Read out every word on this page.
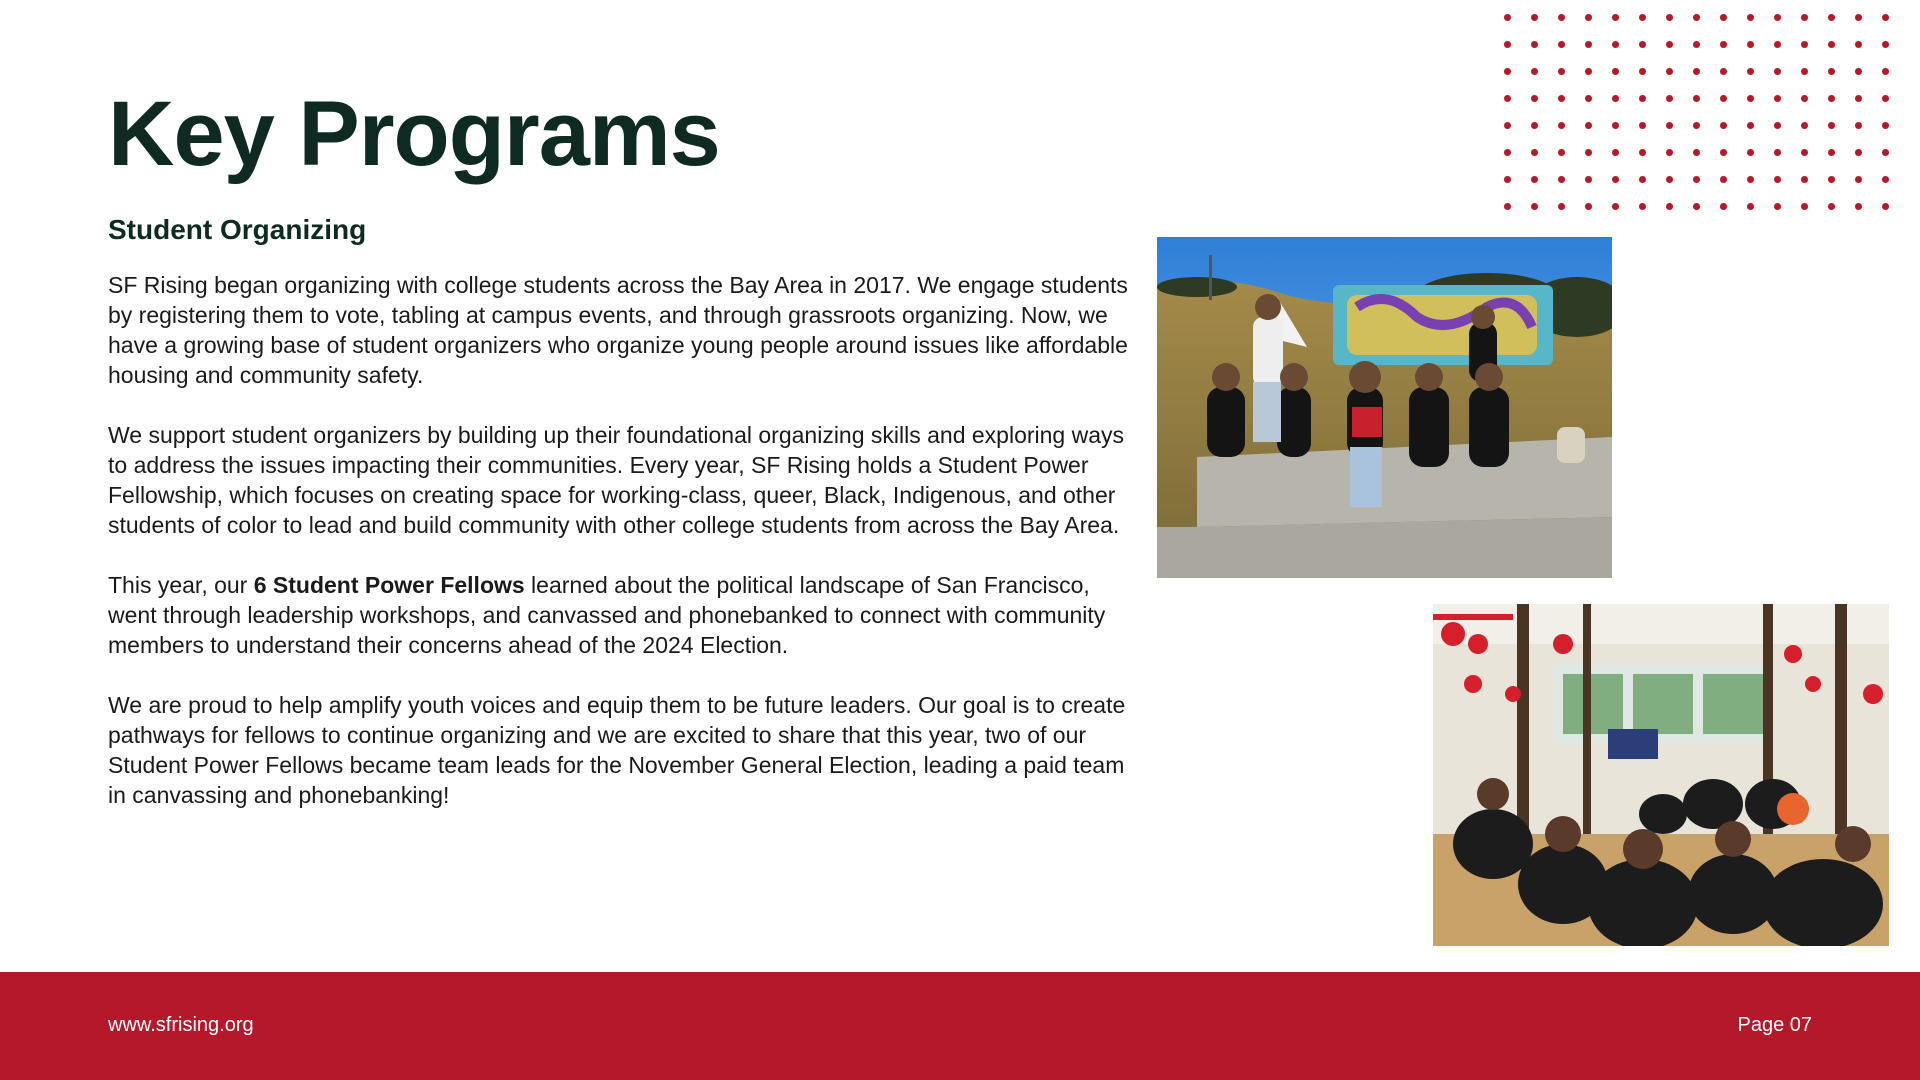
Key Programs
Student Organizing

SF Rising began organizing with college students across the Bay Area in 2017. We engage students by registering them to vote, tabling at campus events, and through grassroots organizing. Now, we have a growing base of student organizers who organize young people around issues like affordable housing and community safety.

We support student organizers by building up their foundational organizing skills and exploring ways to address the issues impacting their communities. Every year, SF Rising holds a Student Power Fellowship, which focuses on creating space for working-class, queer, Black, Indigenous, and other students of color to lead and build community with other college students from across the Bay Area.

This year, our 6 Student Power Fellows learned about the political landscape of San Francisco, went through leadership workshops, and canvassed and phonebanked to connect with community members to understand their concerns ahead of the 2024 Election.

We are proud to help amplify youth voices and equip them to be future leaders. Our goal is to create pathways for fellows to continue organizing and we are excited to share that this year, two of our Student Power Fellows became team leads for the November General Election, leading a paid team in canvassing and phonebanking!

www.sfrising.org	Page 07
